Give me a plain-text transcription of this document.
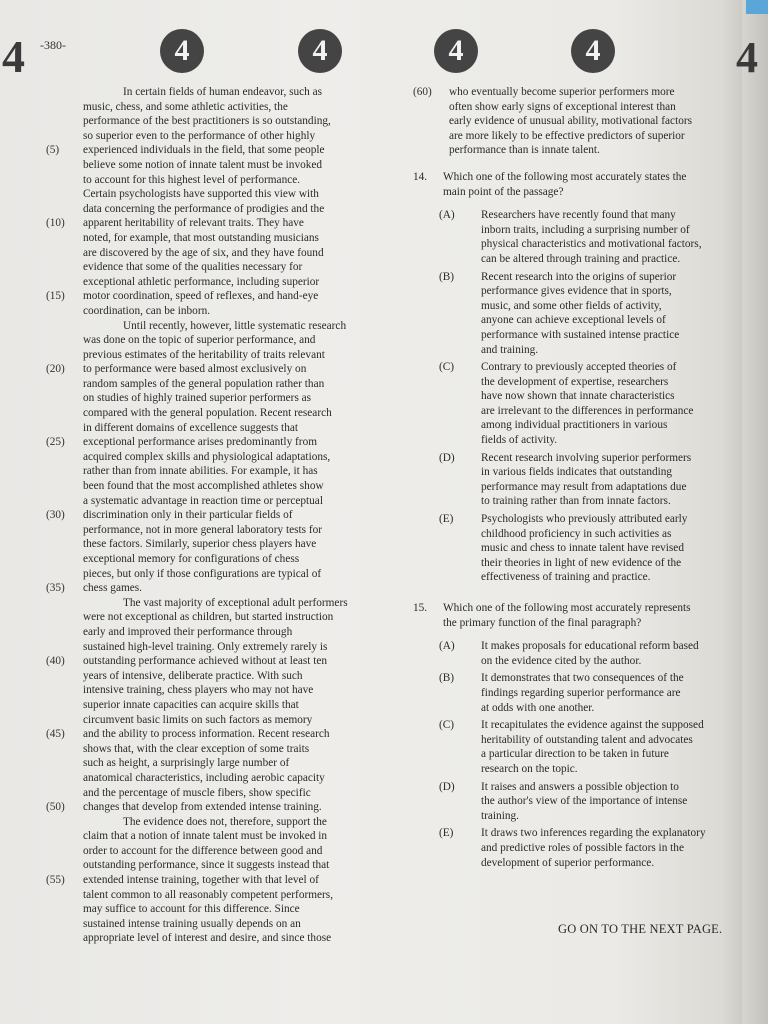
4 -380-	4	4	4	4	4
In certain fields of human endeavor, such as
music, chess, and some athletic activities, the
performance of the best practitioners is so outstanding,
so superior even to the performance of other highly
(5)	experienced individuals in the field, that some people
believe some notion of innate talent must be invoked
to account for this highest level of performance.
Certain psychologists have supported this view with
data concerning the performance of prodigies and the
(10)	apparent heritability of relevant traits. They have
noted, for example, that most outstanding musicians
are discovered by the age of six, and they have found
evidence that some of the qualities necessary for
exceptional athletic performance, including superior
(15)	motor coordination, speed of reflexes, and hand-eye
coordination, can be inborn.
Until recently, however, little systematic research
was done on the topic of superior performance, and
previous estimates of the heritability of traits relevant
(20)	to performance were based almost exclusively on
random samples of the general population rather than
on studies of highly trained superior performers as
compared with the general population. Recent research
in different domains of excellence suggests that
(25)	exceptional performance arises predominantly from
acquired complex skills and physiological adaptations,
rather than from innate abilities. For example, it has
been found that the most accomplished athletes show
a systematic advantage in reaction time or perceptual
(30)	discrimination only in their particular fields of
performance, not in more general laboratory tests for
these factors. Similarly, superior chess players have
exceptional memory for configurations of chess
pieces, but only if those configurations are typical of
(35)	chess games.
The vast majority of exceptional adult performers
were not exceptional as children, but started instruction
early and improved their performance through
sustained high-level training. Only extremely rarely is
(40)	outstanding performance achieved without at least ten
years of intensive, deliberate practice. With such
intensive training, chess players who may not have
superior innate capacities can acquire skills that
circumvent basic limits on such factors as memory
(45)	and the ability to process information. Recent research
shows that, with the clear exception of some traits
such as height, a surprisingly large number of
anatomical characteristics, including aerobic capacity
and the percentage of muscle fibers, show specific
(50)	changes that develop from extended intense training.
The evidence does not, therefore, support the
claim that a notion of innate talent must be invoked in
order to account for the difference between good and
outstanding performance, since it suggests instead that
(55)	extended intense training, together with that level of
talent common to all reasonably competent performers,
may suffice to account for this difference. Since
sustained intense training usually depends on an
appropriate level of interest and desire, and since those
(60)	who eventually become superior performers more
often show early signs of exceptional interest than
early evidence of unusual ability, motivational factors
are more likely to be effective predictors of superior
performance than is innate talent.
14. Which one of the following most accurately states the
main point of the passage?
(A) Researchers have recently found that many
inborn traits, including a surprising number of
physical characteristics and motivational factors,
can be altered through training and practice.
(B) Recent research into the origins of superior
performance gives evidence that in sports,
music, and some other fields of activity,
anyone can achieve exceptional levels of
performance with sustained intense practice
and training.
(C) Contrary to previously accepted theories of
the development of expertise, researchers
have now shown that innate characteristics
are irrelevant to the differences in performance
among individual practitioners in various
fields of activity.
(D) Recent research involving superior performers
in various fields indicates that outstanding
performance may result from adaptations due
to training rather than from innate factors.
(E) Psychologists who previously attributed early
childhood proficiency in such activities as
music and chess to innate talent have revised
their theories in light of new evidence of the
effectiveness of training and practice.
15. Which one of the following most accurately represents
the primary function of the final paragraph?
(A) It makes proposals for educational reform based
on the evidence cited by the author.
(B) It demonstrates that two consequences of the
findings regarding superior performance are
at odds with one another.
(C) It recapitulates the evidence against the supposed
heritability of outstanding talent and advocates
a particular direction to be taken in future
research on the topic.
(D) It raises and answers a possible objection to
the author's view of the importance of intense
training.
(E) It draws two inferences regarding the explanatory
and predictive roles of possible factors in the
development of superior performance.
GO ON TO THE NEXT PAGE.
